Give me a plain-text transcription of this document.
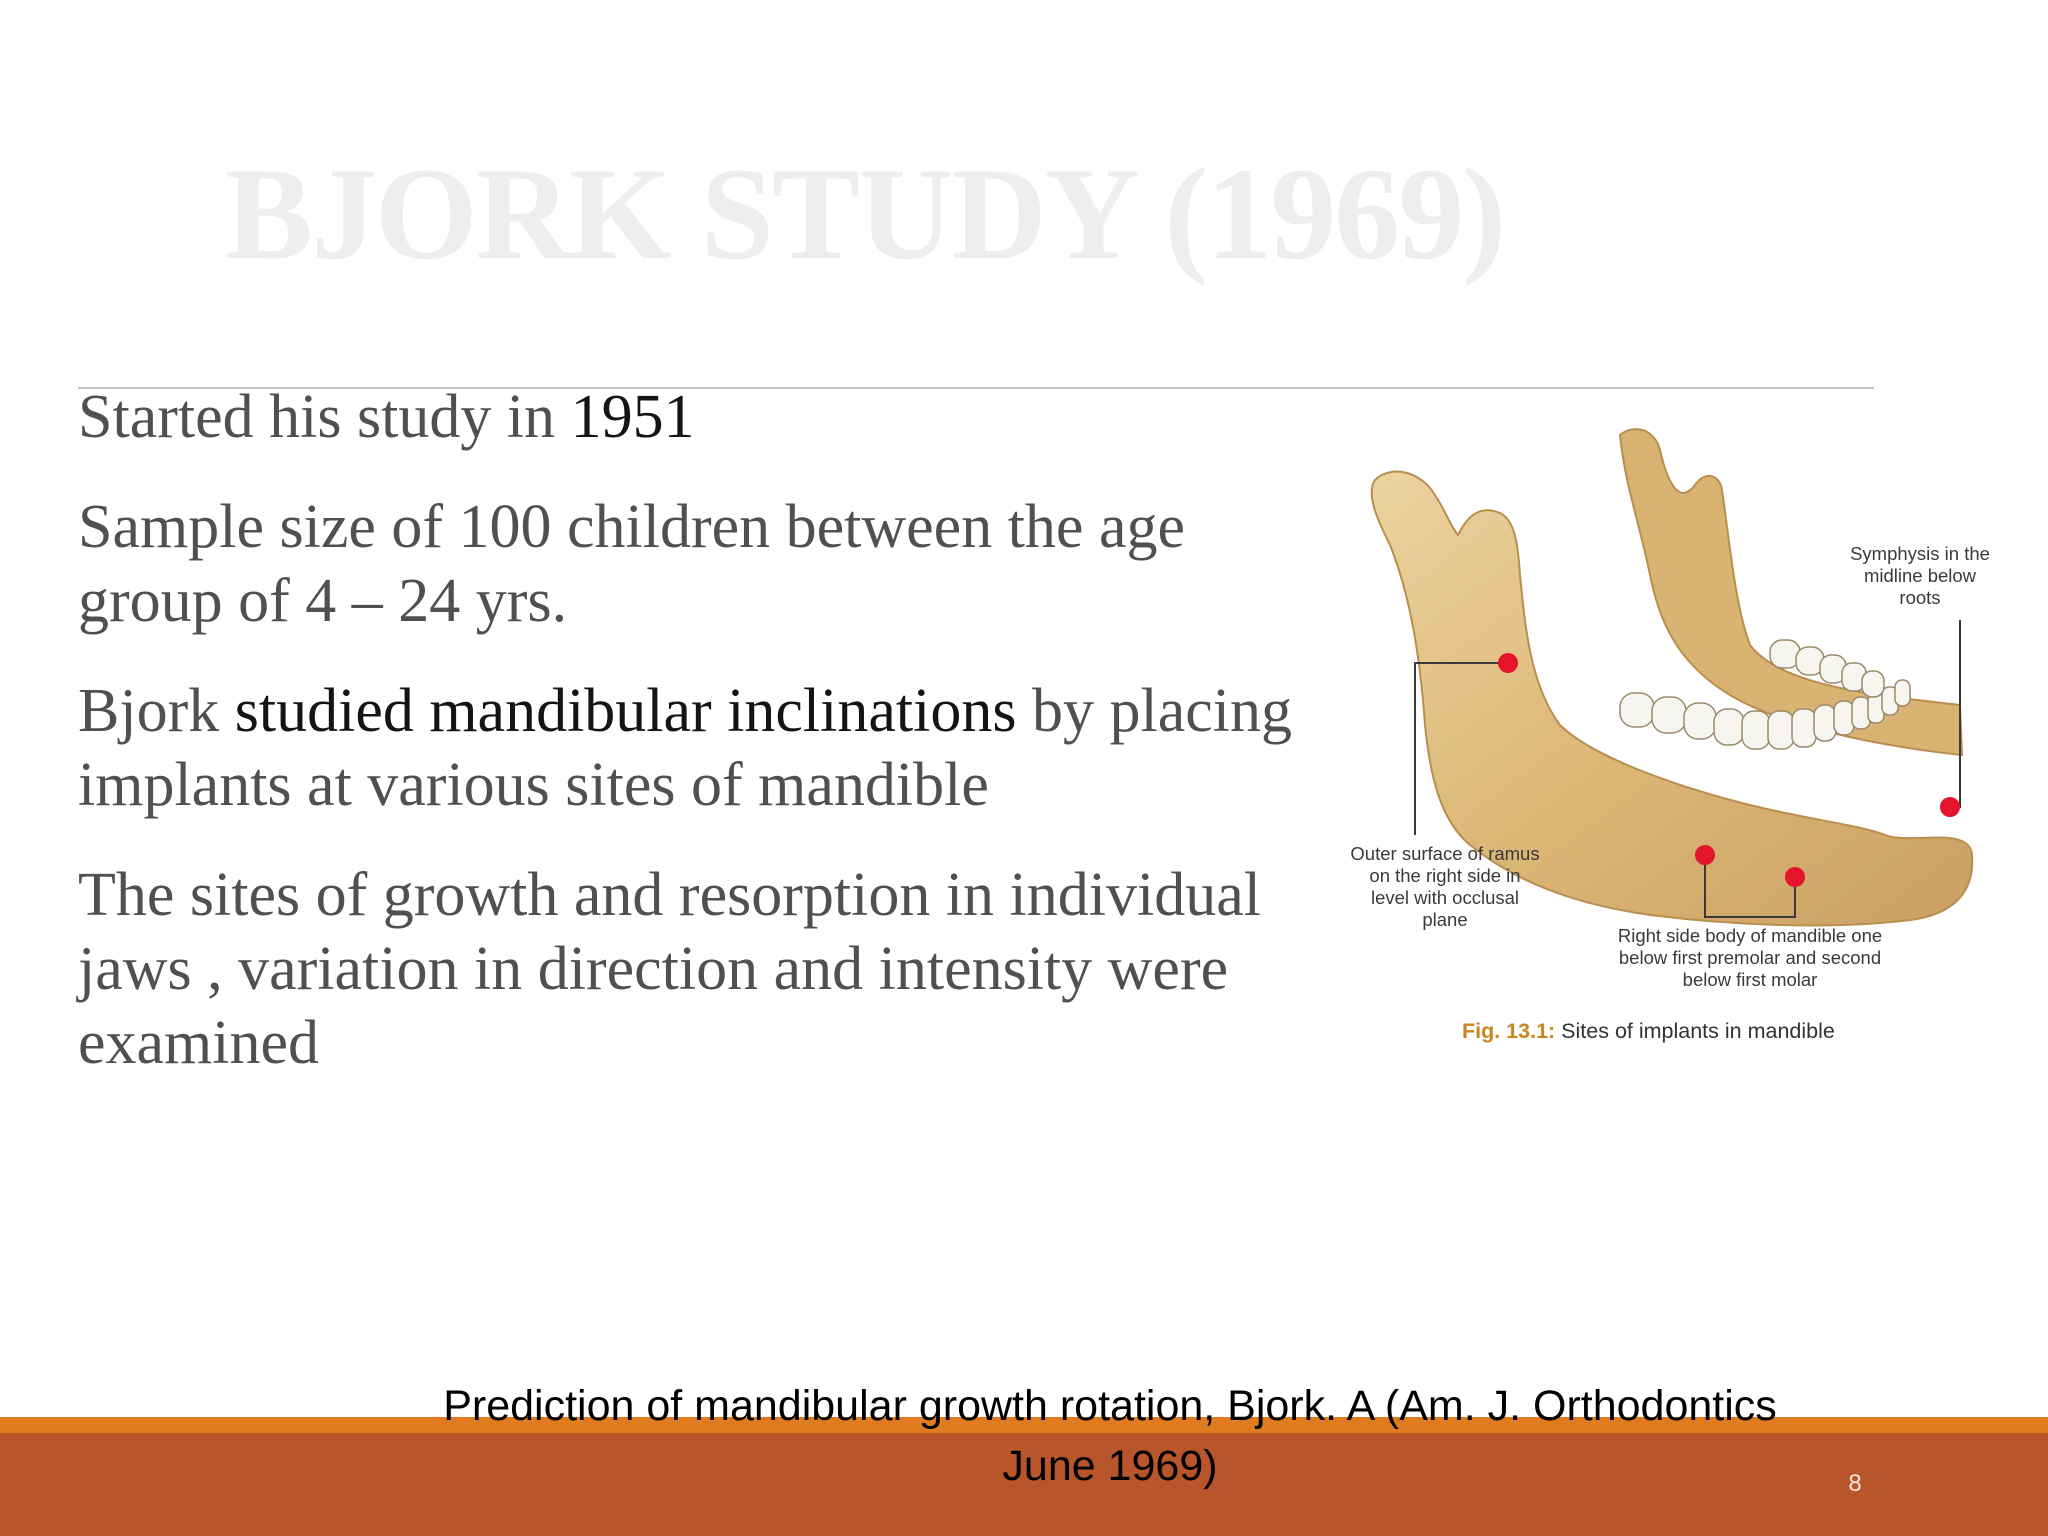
BJORK STUDY (1969)

Started his study in 1951

Sample size of 100 children between the age group of 4 – 24 yrs.

Bjork studied mandibular inclinations by placing implants at various sites of mandible

The sites of growth and resorption in individual jaws , variation in direction and intensity were examined

Symphysis in the midline below roots
Outer surface of ramus on the right side in level with occlusal plane
Right side body of mandible one below first premolar and second below first molar
Fig. 13.1: Sites of implants in mandible
Prediction of mandibular growth rotation, Bjork. A (Am. J. Orthodontics
June 1969)	8
